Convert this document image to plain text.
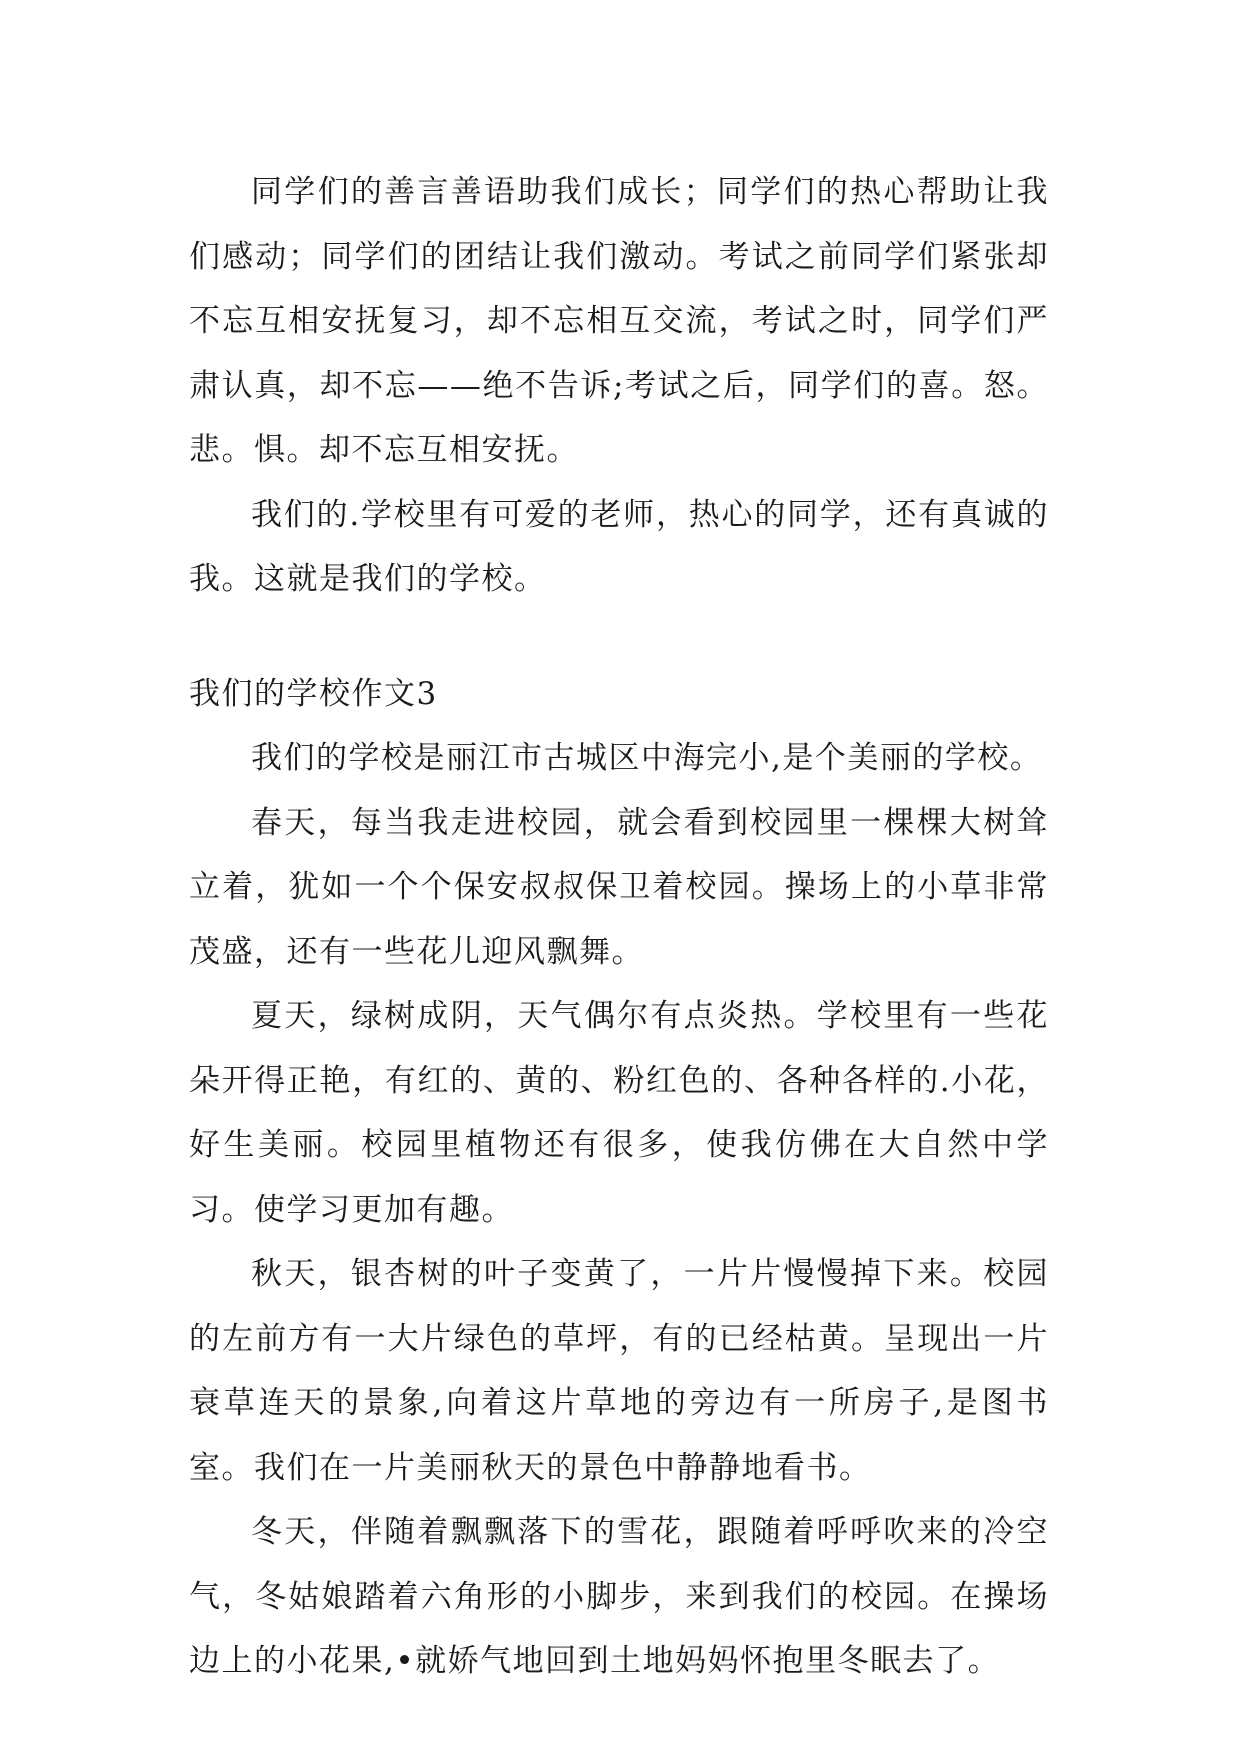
同学们的善言善语助我们成长；同学们的热心帮助让我们感动；同学们的团结让我们激动。考试之前同学们紧张却不忘互相安抚复习，却不忘相互交流，考试之时，同学们严肃认真，却不忘——绝不告诉;考试之后，同学们的喜。怒。悲。惧。却不忘互相安抚。

我们的.学校里有可爱的老师，热心的同学，还有真诚的我。这就是我们的学校。

我们的学校作文3

我们的学校是丽江市古城区中海完小,是个美丽的学校。

春天，每当我走进校园，就会看到校园里一棵棵大树耸立着，犹如一个个保安叔叔保卫着校园。操场上的小草非常茂盛，还有一些花儿迎风飘舞。

夏天，绿树成阴，天气偶尔有点炎热。学校里有一些花朵开得正艳，有红的、黄的、粉红色的、各种各样的.小花，好生美丽。校园里植物还有很多，使我仿佛在大自然中学习。使学习更加有趣。

秋天，银杏树的叶子变黄了，一片片慢慢掉下来。校园的左前方有一大片绿色的草坪，有的已经枯黄。呈现出一片衰草连天的景象,向着这片草地的旁边有一所房子,是图书室。我们在一片美丽秋天的景色中静静地看书。

冬天，伴随着飘飘落下的雪花，跟随着呼呼吹来的冷空气，冬姑娘踏着六角形的小脚步，来到我们的校园。在操场边上的小花果,•就娇气地回到土地妈妈怀抱里冬眠去了。
